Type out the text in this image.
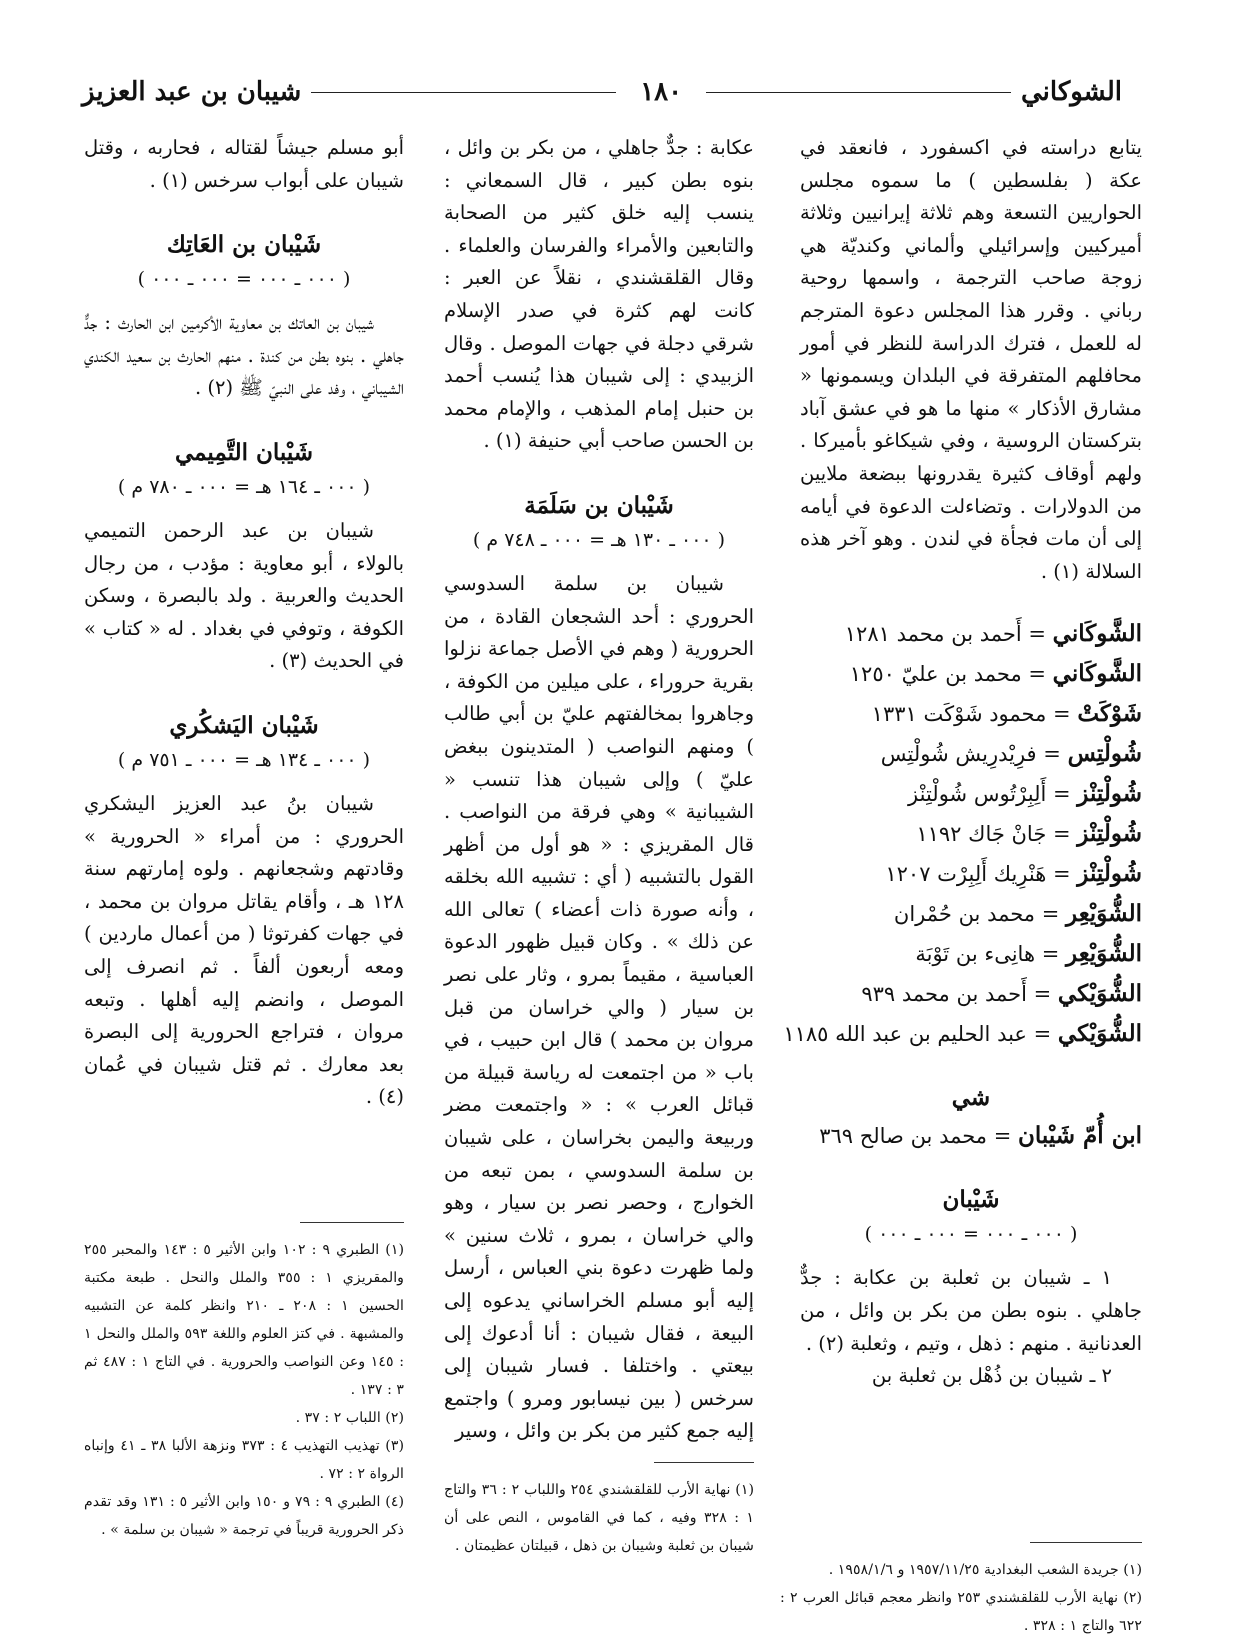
الشوكاني
١٨٠
شيبان بن عبد العزيز

يتابع دراسته في اكسفورد ، فانعقد في عكة ( بفلسطين ) ما سموه مجلس الحواريين التسعة وهم ثلاثة إيرانيين وثلاثة أميركيين وإسرائيلي وألماني وكنديّة هي زوجة صاحب الترجمة ، واسمها روحية رباني . وقرر هذا المجلس دعوة المترجم له للعمل ، فترك الدراسة للنظر في أمور محافلهم المتفرقة في البلدان ويسمونها « مشارق الأذكار » منها ما هو في عشق آباد بتركستان الروسية ، وفي شيكاغو بأميركا . ولهم أوقاف كثيرة يقدرونها ببضعة ملايين من الدولارات . وتضاءلت الدعوة في أيامه إلى أن مات فجأة في لندن . وهو آخر هذه السلالة (١) .

الشَّوكَاني = أَحمد بن محمد ١٢٨١
الشَّوكَاني = محمد بن عليّ ١٢٥٠
شَوْكَتْ = محمود شَوْكَت ١٣٣١
شُولْتِس = فرِيْدرِيش شُولْتِس
شُولْتِنْز = أَلِبِرْتُوس شُولْتِنْز
شُولْتِنْز = جَانْ جَاك ١١٩٢
شُولْتِنْز = هَنْرِيك أَلِبِرْت ١٢٠٧
الشُّوَيْعِر = محمد بن حُمْران
الشُّوَيْعِر = هانِىء بن تَوْبَة
الشُّوَيْكي = أَحمد بن محمد ٩٣٩
الشُّوَيْكي = عبد الحليم بن عبد الله ١١٨٥
شي
ابن أُمّ شَيْبان = محمد بن صالح ٣٦٩
شَيْبان
( ٠٠٠ ـ ٠٠٠ = ٠٠٠ ـ ٠٠٠ )

١ ـ شيبان بن ثعلبة بن عكابة : جدٌّ جاهلي . بنوه بطن من بكر بن وائل ، من العدنانية . منهم : ذهل ، وتيم ، وثعلبة (٢) .

٢ ـ شيبان بن ذُهْل بن ثعلبة بن

(١) جريدة الشعب البغدادية ١٩٥٧/١١/٢٥ و ١٩٥٨/١/٦ .

(٢) نهاية الأرب للقلقشندي ٢٥٣ وانظر معجم قبائل العرب ٢ : ٦٢٢ والتاج ١ : ٣٢٨ .

عكابة : جدٌّ جاهلي ، من بكر بن وائل ، بنوه بطن كبير ، قال السمعاني : ينسب إليه خلق كثير من الصحابة والتابعين والأمراء والفرسان والعلماء . وقال القلقشندي ، نقلاً عن العبر : كانت لهم كثرة في صدر الإسلام شرقي دجلة في جهات الموصل . وقال الزبيدي : إلى شيبان هذا يُنسب أحمد بن حنبل إمام المذهب ، والإمام محمد بن الحسن صاحب أبي حنيفة (١) .

شَيْبان بن سَلَمَة
( ٠٠٠ ـ ١٣٠ هـ = ٠٠٠ ـ ٧٤٨ م )

شيبان بن سلمة السدوسي الحروري : أحد الشجعان القادة ، من الحرورية ( وهم في الأصل جماعة نزلوا بقرية حروراء ، على ميلين من الكوفة ، وجاهروا بمخالفتهم عليّ بن أبي طالب ) ومنهم النواصب ( المتدينون ببغض عليّ ) وإلى شيبان هذا تنسب « الشيبانية » وهي فرقة من النواصب . قال المقريزي : « هو أول من أظهر القول بالتشبيه ( أي : تشبيه الله بخلقه ، وأنه صورة ذات أعضاء ) تعالى الله عن ذلك » . وكان قبيل ظهور الدعوة العباسية ، مقيماً بمرو ، وثار على نصر بن سيار ( والي خراسان من قبل مروان بن محمد ) قال ابن حبيب ، في باب « من اجتمعت له رياسة قبيلة من قبائل العرب » : « واجتمعت مضر وربيعة واليمن بخراسان ، على شيبان بن سلمة السدوسي ، بمن تبعه من الخوارج ، وحصر نصر بن سيار ، وهو والي خراسان ، بمرو ، ثلاث سنين » ولما ظهرت دعوة بني العباس ، أرسل إليه أبو مسلم الخراساني يدعوه إلى البيعة ، فقال شيبان : أنا أدعوك إلى بيعتي . واختلفا . فسار شيبان إلى سرخس ( بين نيسابور ومرو ) واجتمع إليه جمع كثير من بكر بن وائل ، وسير

(١) نهاية الأرب للقلقشندي ٢٥٤ واللباب ٢ : ٣٦ والتاج ١ : ٣٢٨ وفيه ، كما في القاموس ، النص على أن شيبان بن ثعلبة وشيبان بن ذهل ، قبيلتان عظيمتان .

أبو مسلم جيشاً لقتاله ، فحاربه ، وقتل شيبان على أبواب سرخس (١) .

شَيْبان بن العَاتِك
( ٠٠٠ ـ ٠٠٠ = ٠٠٠ ـ ٠٠٠ )

شيبان بن العاتك بن معاوية الأكرمين ابن الحارث : جدٌّ جاهلي . بنوه بطن من كندة . منهم الحارث بن سعيد الكندي الشيباني ، وفد على النبيّ ﷺ (٢) .

شَيْبان التَّمِيمي
( ٠٠٠ ـ ١٦٤ هـ = ٠٠٠ ـ ٧٨٠ م )

شيبان بن عبد الرحمن التميمي بالولاء ، أبو معاوية : مؤدب ، من رجال الحديث والعربية . ولد بالبصرة ، وسكن الكوفة ، وتوفي في بغداد . له « كتاب » في الحديث (٣) .

شَيْبان اليَشكُري
( ٠٠٠ ـ ١٣٤ هـ = ٠٠٠ ـ ٧٥١ م )

شيبان بنُ عبد العزيز اليشكري الحروري : من أمراء « الحرورية » وقادتهم وشجعانهم . ولوه إمارتهم سنة ١٢٨ هـ ، وأقام يقاتل مروان بن محمد ، في جهات كفرتوثا ( من أعمال ماردين ) ومعه أربعون ألفاً . ثم انصرف إلى الموصل ، وانضم إليه أهلها . وتبعه مروان ، فتراجع الحرورية إلى البصرة بعد معارك . ثم قتل شيبان في عُمان (٤) .

(١) الطبري ٩ : ١٠٢ وابن الأثير ٥ : ١٤٣ والمحبر ٢٥٥ والمقريزي ١ : ٣٥٥ والملل والنحل . طبعة مكتبة الحسين ١ : ٢٠٨ ـ ٢١٠ وانظر كلمة عن التشبيه والمشبهة . في كتز العلوم واللغة ٥٩٣ والملل والنحل ١ : ١٤٥ وعن النواصب والحرورية . في التاج ١ : ٤٨٧ ثم ٣ : ١٣٧ .

(٢) اللباب ٢ : ٣٧ .

(٣) تهذيب التهذيب ٤ : ٣٧٣ ونزهة الألبا ٣٨ ـ ٤١ وإنباه الرواة ٢ : ٧٢ .

(٤) الطبري ٩ : ٧٩ و ١٥٠ وابن الأثير ٥ : ١٣١ وقد تقدم ذكر الحرورية قريباً في ترجمة « شيبان بن سلمة » .
